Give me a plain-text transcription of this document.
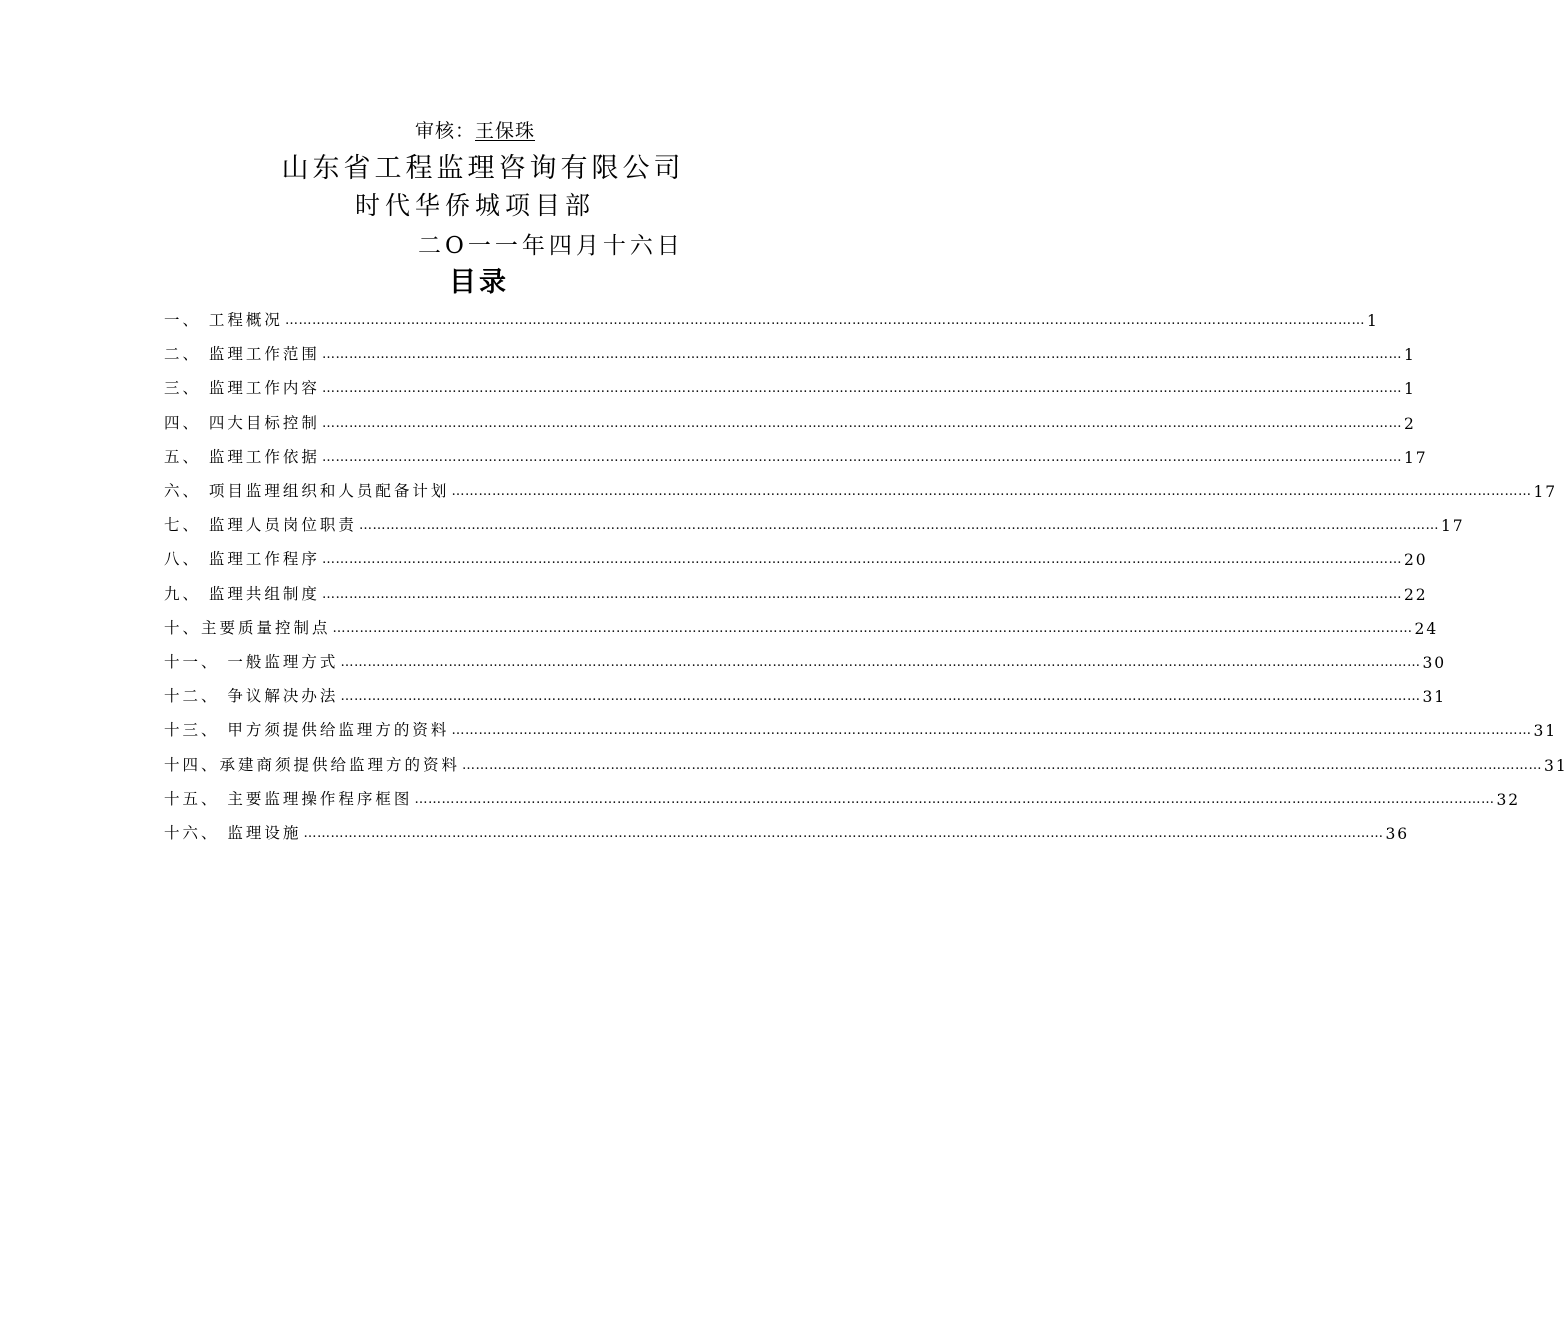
审核：王保珠
山东省工程监理咨询有限公司
时代华侨城项目部
二O一一年四月十六日
目录
一、 工程概况 …………………………………………………………………………………………………………………………………………………………………………………………………………………… 1
二、 监理工作范围 …………………………………………………………………………………………………………………………………………………………………………………………………………………… 1
三、 监理工作内容 …………………………………………………………………………………………………………………………………………………………………………………………………………………… 1
四、 四大目标控制 …………………………………………………………………………………………………………………………………………………………………………………………………………………… 2
五、 监理工作依据 …………………………………………………………………………………………………………………………………………………………………………………………………………………… 17
六、 项目监理组织和人员配备计划 …………………………………………………………………………………………………………………………………………………………………………………………………………………… 17
七、 监理人员岗位职责 …………………………………………………………………………………………………………………………………………………………………………………………………………………… 17
八、 监理工作程序 …………………………………………………………………………………………………………………………………………………………………………………………………………………… 20
九、 监理共组制度 …………………………………………………………………………………………………………………………………………………………………………………………………………………… 22
十、主要质量控制点 …………………………………………………………………………………………………………………………………………………………………………………………………………………… 24
十一、 一般监理方式 …………………………………………………………………………………………………………………………………………………………………………………………………………………… 30
十二、 争议解决办法 …………………………………………………………………………………………………………………………………………………………………………………………………………………… 31
十三、 甲方须提供给监理方的资料 …………………………………………………………………………………………………………………………………………………………………………………………………………………… 31
十四、承建商须提供给监理方的资料 …………………………………………………………………………………………………………………………………………………………………………………………………………………… 31
十五、 主要监理操作程序框图 …………………………………………………………………………………………………………………………………………………………………………………………………………………… 32
十六、 监理设施 …………………………………………………………………………………………………………………………………………………………………………………………………………………… 36
